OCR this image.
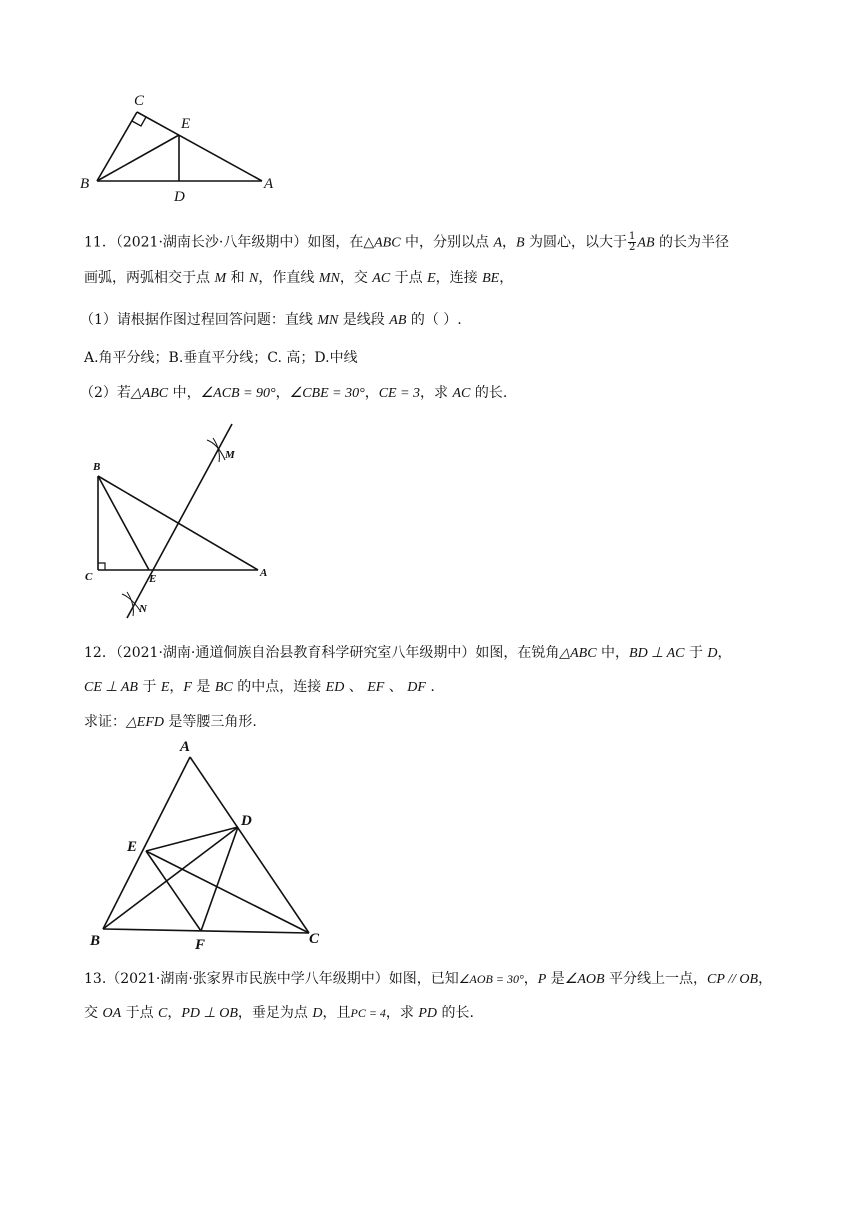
C
E
B
D
A
11．（2021·湖南长沙·八年级期中）如图，在△ABC 中，分别以点 A，B 为圆心，以大于 $\frac{1}{2}$ AB 的长为半径
画弧，两弧相交于点 M 和 N，作直线 MN，交 AC 于点 E，连接 BE，
（1）请根据作图过程回答问题：直线 MN 是线段 AB 的（ ）.
A.角平分线；B.垂直平分线；C. 高；D.中线
（2）若△ABC 中，∠ACB = 90°，∠CBE = 30°，CE = 3，求 AC 的长.
B
C	E	A
M
N
12．（2021·湖南·通道侗族自治县教育科学研究室八年级期中）如图，在锐角△ABC 中，BD ⊥ AC 于 D，
CE ⊥ AB 于 E，F 是 BC 的中点，连接 ED 、 EF 、 DF .
求证：△EFD 是等腰三角形.
A
D
E
B	F	C
13.（2021·湖南·张家界市民族中学八年级期中）如图，已知∠AOB = 30°，P 是∠AOB 平分线上一点，CP // OB，
交 OA 于点 C，PD ⊥ OB，垂足为点 D，且PC = 4，求 PD 的长.
